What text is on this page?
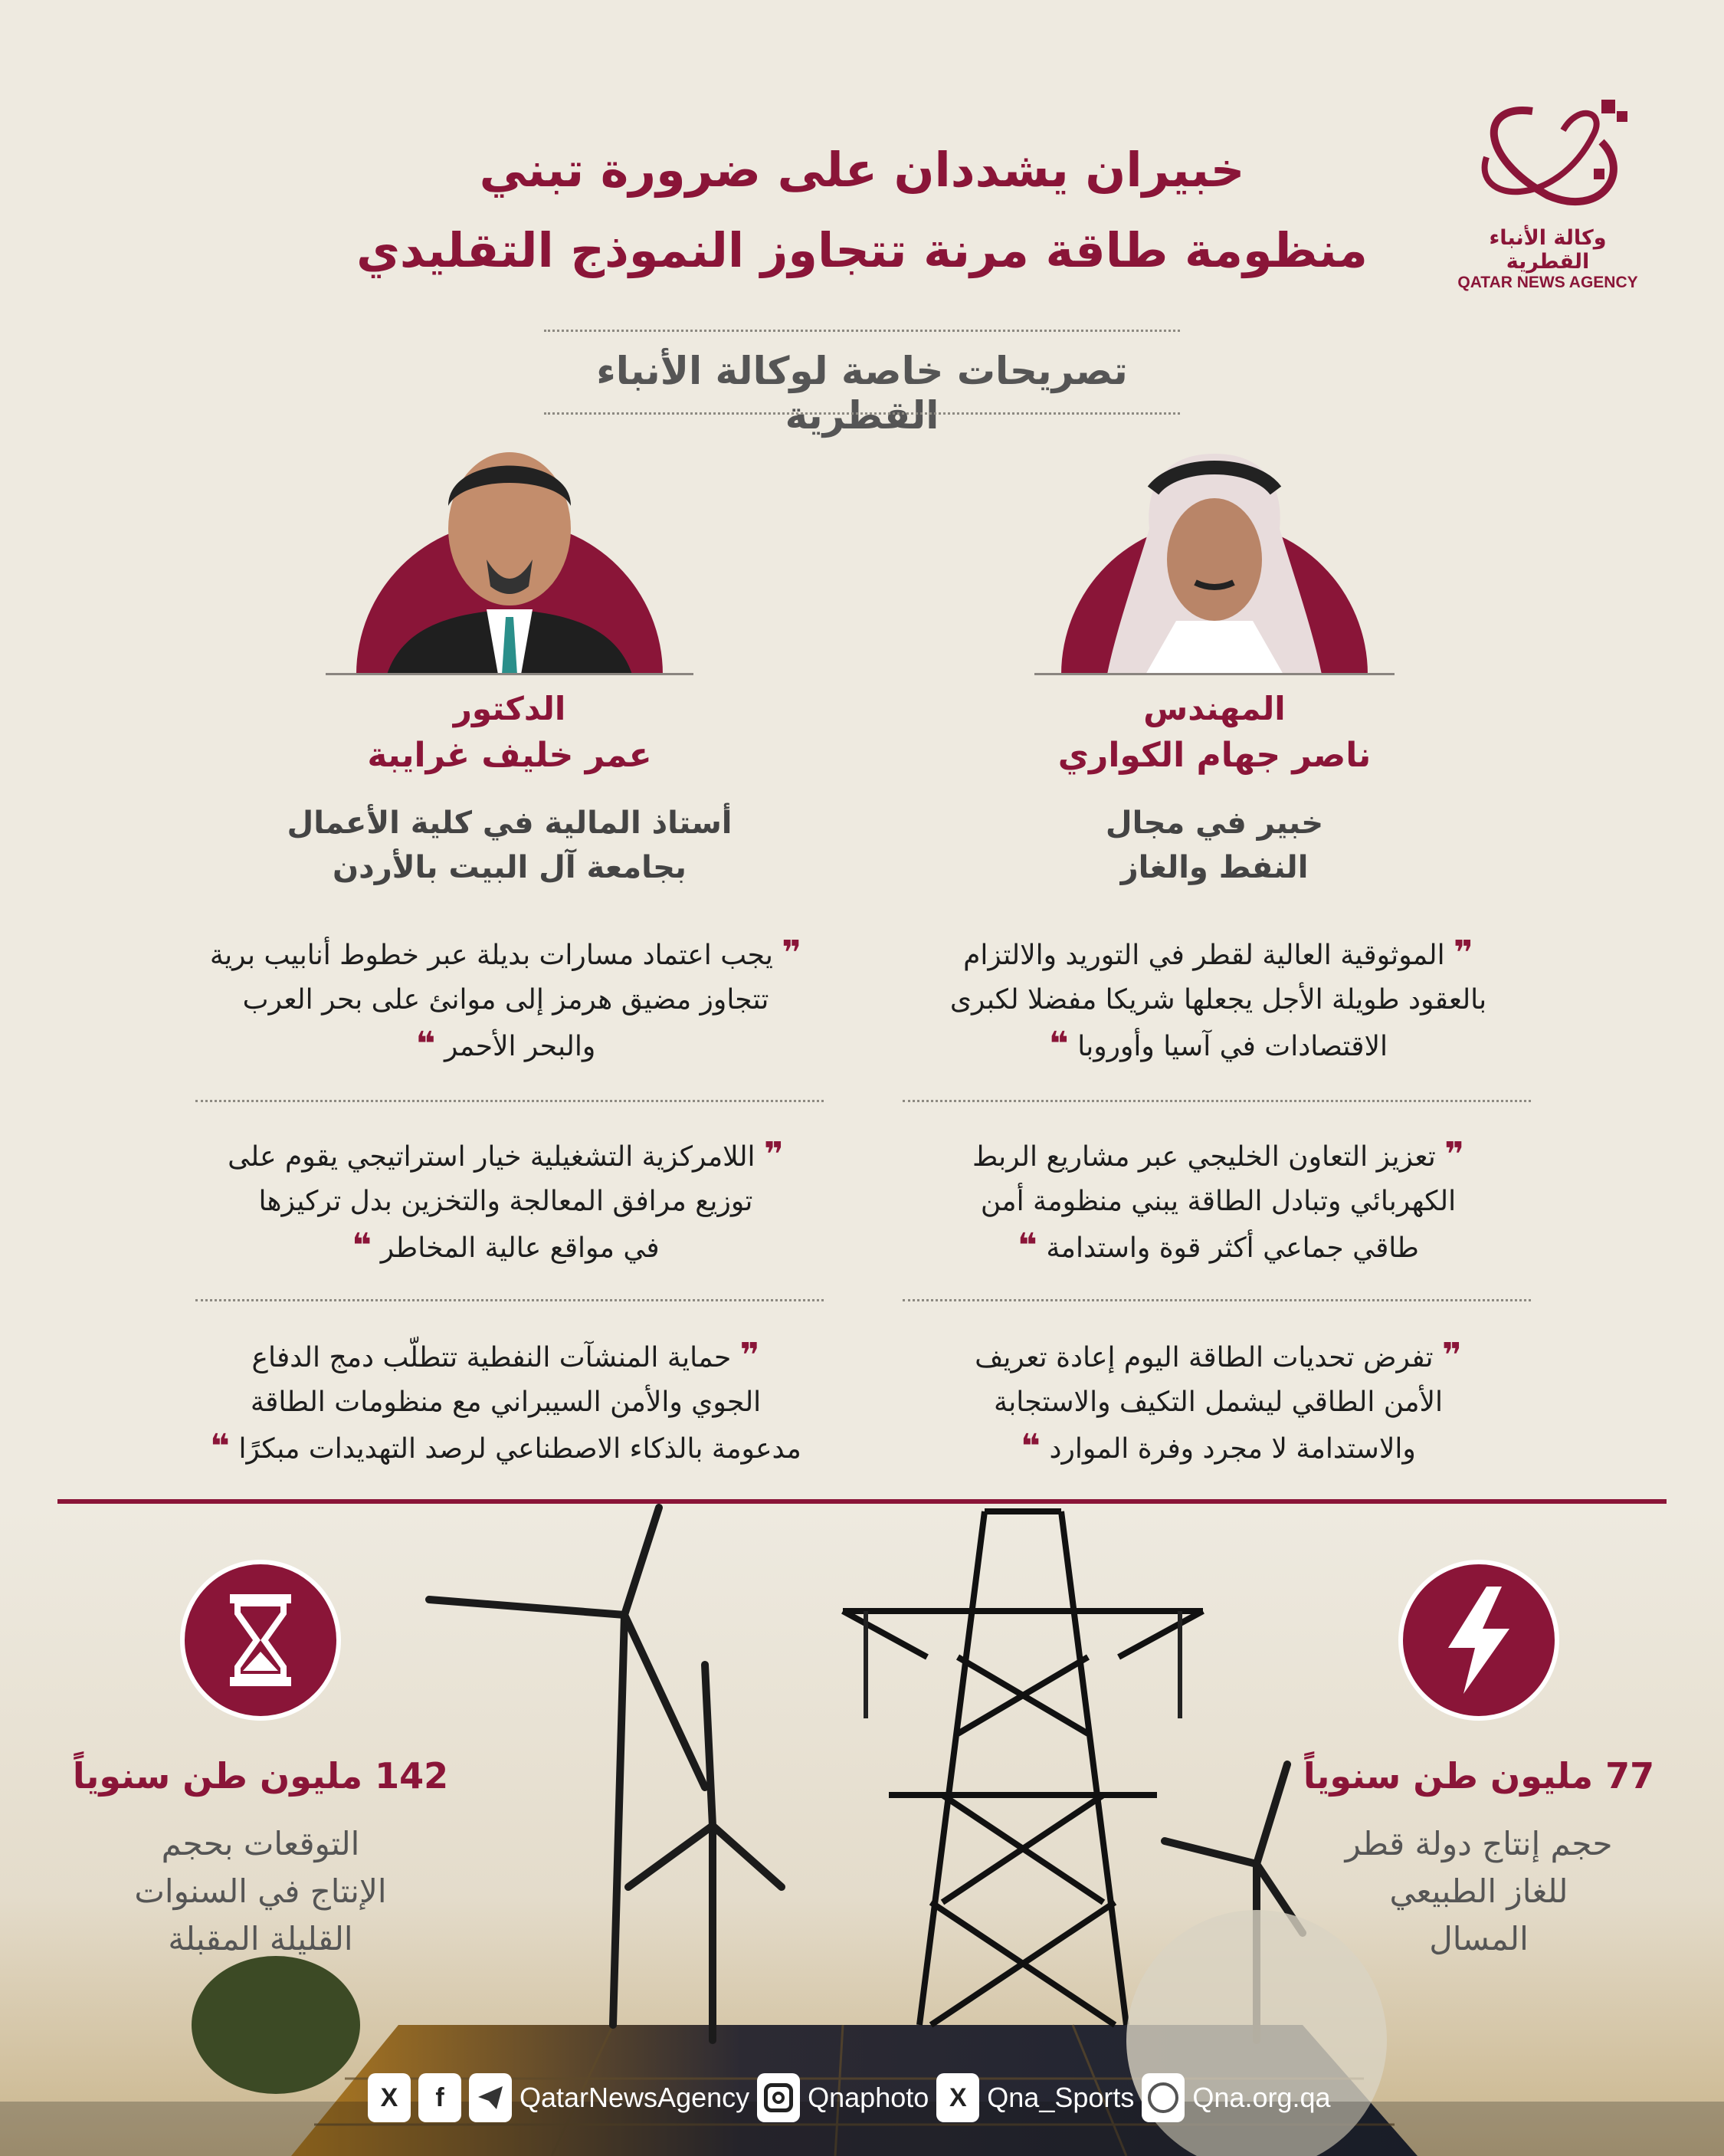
وكالة الأنباء القطرية
QATAR NEWS AGENCY
خبيران يشددان على ضرورة تبني
منظومة طاقة مرنة تتجاوز النموذج التقليدي
تصريحات خاصة لوكالة الأنباء القطرية
المهندس
ناصر جهام الكواري
خبير في مجال
النفط والغاز
الدكتور
عمر خليف غرايبة
أستاذ المالية في كلية الأعمال
بجامعة آل البيت بالأردن
❞ الموثوقية العالية لقطر في التوريد والالتزام
بالعقود طويلة الأجل يجعلها شريكا مفضلا لكبرى
الاقتصادات في آسيا وأوروبا ❝
❞ تعزيز التعاون الخليجي عبر مشاريع الربط
الكهربائي وتبادل الطاقة يبني منظومة أمن
طاقي جماعي أكثر قوة واستدامة ❝
❞ تفرض تحديات الطاقة اليوم إعادة تعريف
الأمن الطاقي ليشمل التكيف والاستجابة
والاستدامة لا مجرد وفرة الموارد ❝
❞ يجب اعتماد مسارات بديلة عبر خطوط أنابيب برية
تتجاوز مضيق هرمز إلى موانئ على بحر العرب
والبحر الأحمر ❝
❞ اللامركزية التشغيلية خيار استراتيجي يقوم على
توزيع مرافق المعالجة والتخزين بدل تركيزها
في مواقع عالية المخاطر ❝
❞ حماية المنشآت النفطية تتطلّب دمج الدفاع
الجوي والأمن السيبراني مع منظومات الطاقة
مدعومة بالذكاء الاصطناعي لرصد التهديدات مبكرًا ❝
77 مليون طن سنوياً
حجم إنتاج دولة قطر
للغاز الطبيعي
المسال
142 مليون طن سنوياً
التوقعات بحجم
الإنتاج في السنوات
القليلة المقبلة
X	f	QatarNewsAgency Qnaphoto X Qna_Sports Qna.org.qa
